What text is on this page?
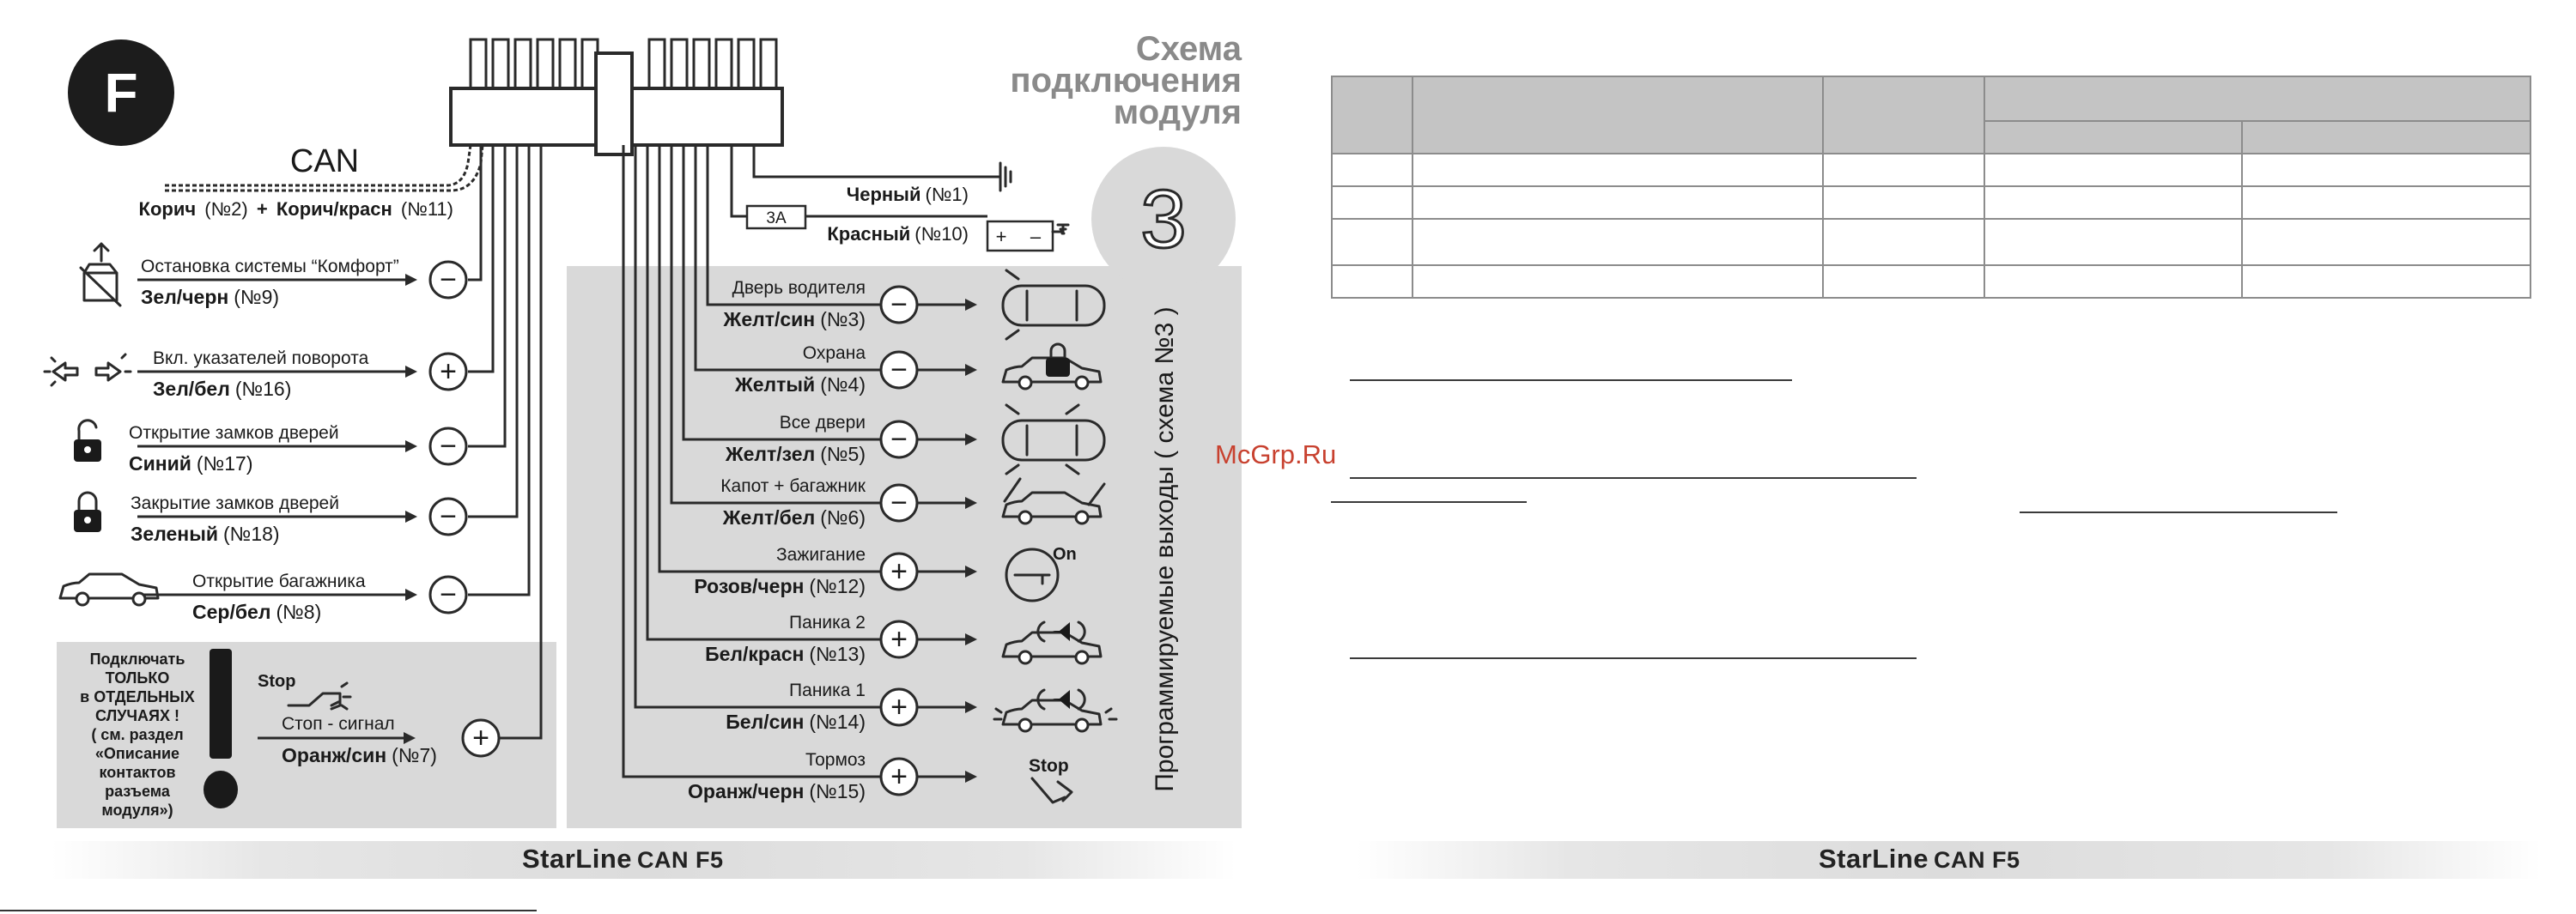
F
Схема
подключения
модуля
3
Программируемые выходы ( схема №3 )
CAN
Корич (№2) + Корич/красн (№11)
Черный (№1)
3А
Красный (№10) + –
−
Остановка системы “Комфорт”
Зел/черн (№9)
+
Вкл. указателей поворота
Зел/бел (№16)
−
Открытие замков дверей
Синий (№17)
−
Закрытие замков дверей
Зеленый (№18)
−
Открытие багажника
Сер/бел (№8)
Подключать
ТОЛЬКО
в ОТДЕЛЬНЫХ
СЛУЧАЯХ !
( см. раздел
«Описание
контактов
разъема
модуля»)
Stop
+
Стоп - сигнал
Оранж/син (№7)
−
Дверь водителя
Желт/син (№3)
−
Охрана
Желтый (№4)
−
Все двери
Желт/зел (№5)
−
Капот + багажник
Желт/бел (№6)
+
Зажигание
Розов/черн (№12)
On
+
Паника 2
Бел/красн (№13)
+
Паника 1
Бел/син (№14)
+
Тормоз
Оранж/черн (№15)
Stop
StarLine CAN F5

					StarLine CAN F5
McGrp.Ru
